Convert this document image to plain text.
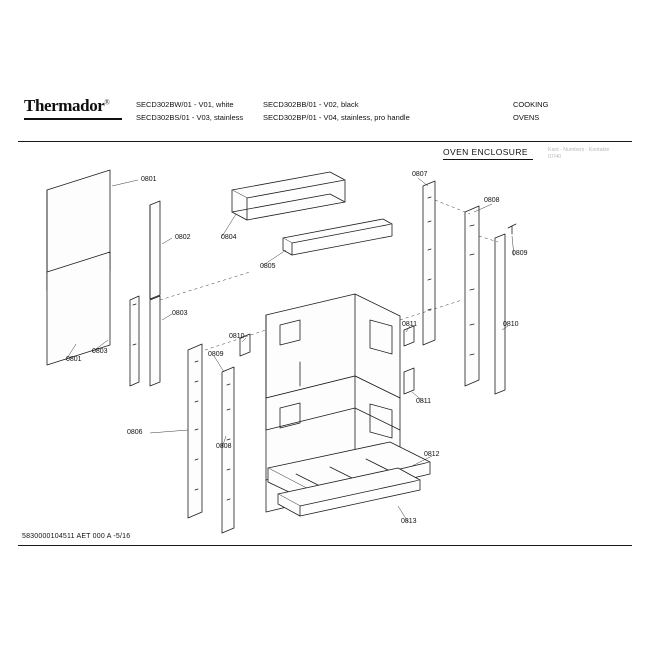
Thermador®	SECD302BW/01 - V01, white
SECD302BS/01 - V03, stainless
SECD302BB/01 - V02, black
SECD302BP/01 - V04, stainless, pro handle
COOKING
OVENS
OVEN ENCLOSURE	Kant - Numbers - Kontakte
07/40
0801
0801
0802
0803
0803
0804
0805
0806
0807
0808
0808
0809
0809
0810
0810
0811
0811
0812
0813
5830000104511 AET 000 A -5/16
